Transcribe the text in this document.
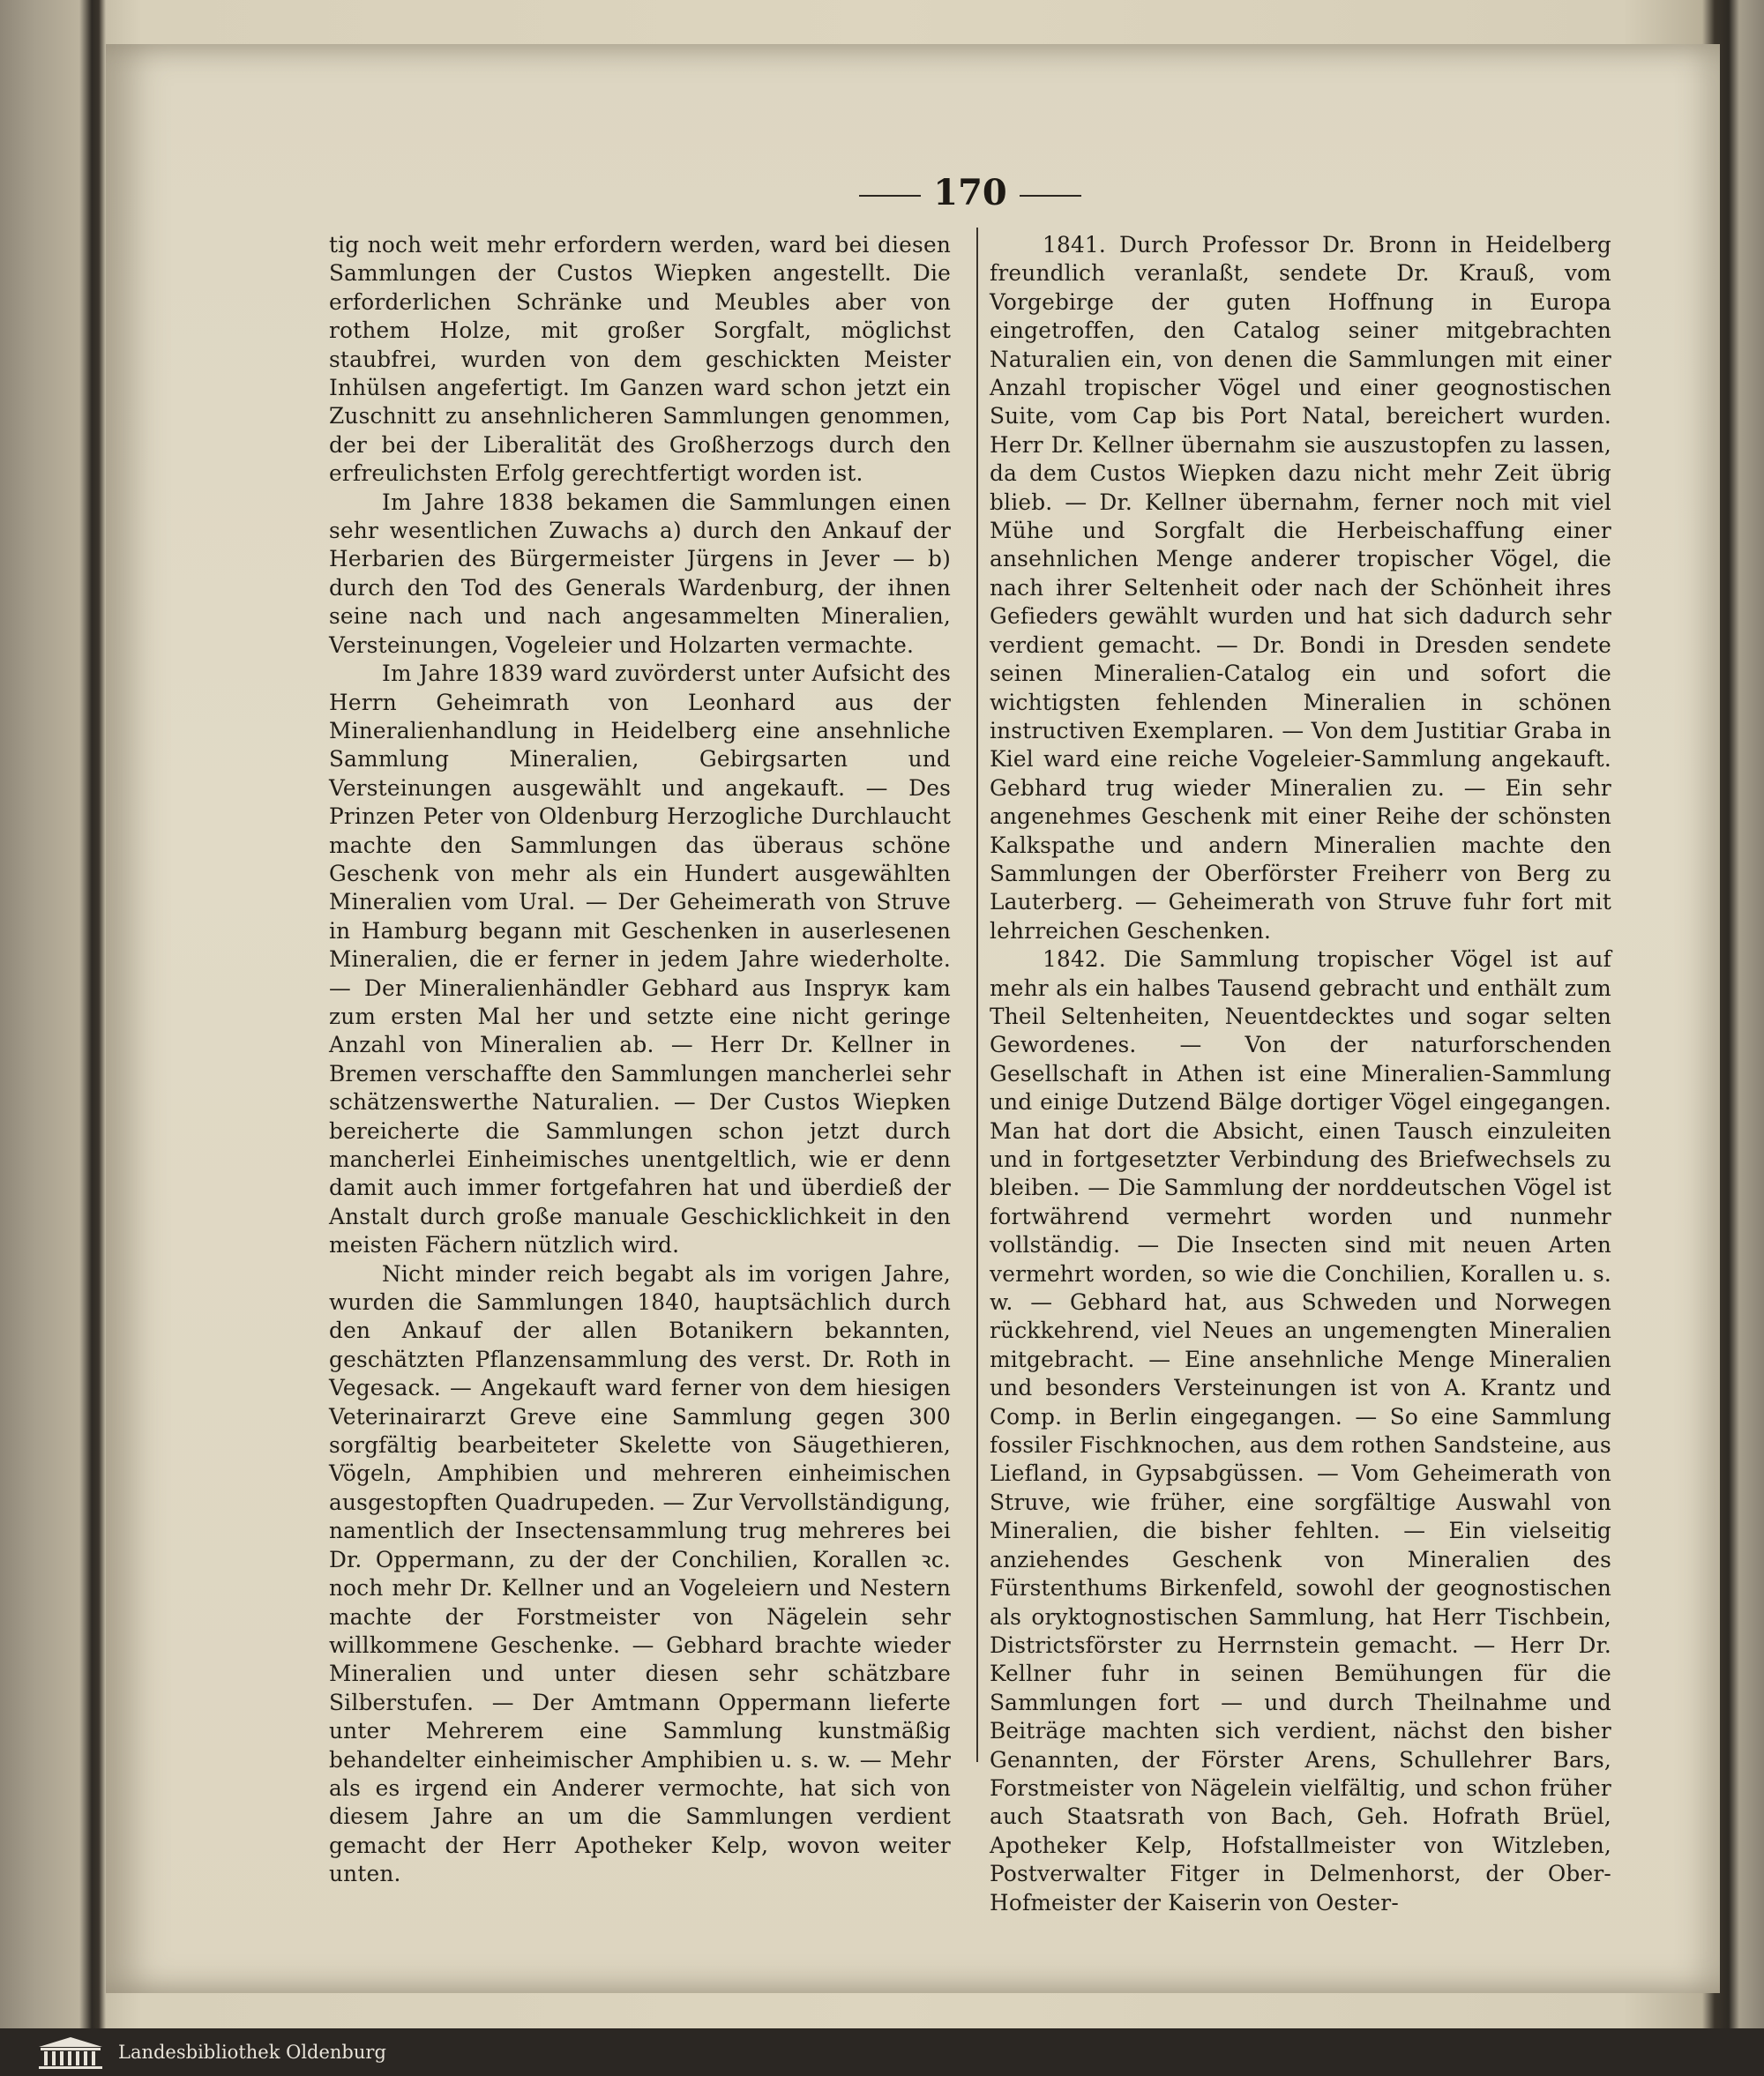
170

tig noch weit mehr erfordern werden, ward bei diesen Sammlungen der Custos Wiepken angestellt. Die erforderlichen Schränke und Meubles aber von rothem Holze, mit großer Sorgfalt, möglichst staubfrei, wurden von dem geschickten Meister Inhülsen angefertigt. Im Ganzen ward schon jetzt ein Zuschnitt zu ansehnlicheren Sammlungen genommen, der bei der Liberalität des Großherzogs durch den erfreulichsten Erfolg gerechtfertigt worden ist.

Im Jahre 1838 bekamen die Sammlungen einen sehr wesentlichen Zuwachs a) durch den Ankauf der Herbarien des Bürgermeister Jürgens in Jever — b) durch den Tod des Generals Wardenburg, der ihnen seine nach und nach angesammelten Mineralien, Versteinungen, Vogeleier und Holzarten vermachte.

Im Jahre 1839 ward zuvörderst unter Aufsicht des Herrn Geheimrath von Leonhard aus der Mineralienhandlung in Heidelberg eine ansehnliche Sammlung Mineralien, Gebirgsarten und Versteinungen ausgewählt und angekauft. — Des Prinzen Peter von Oldenburg Herzogliche Durchlaucht machte den Sammlungen das überaus schöne Geschenk von mehr als ein Hundert ausgewählten Mineralien vom Ural. — Der Geheimerath von Struve in Hamburg begann mit Geschenken in auserlesenen Mineralien, die er ferner in jedem Jahre wiederholte. — Der Mineralienhändler Gebhard aus Insprук kam zum ersten Mal her und setzte eine nicht geringe Anzahl von Mineralien ab. — Herr Dr. Kellner in Bremen verschaffte den Sammlungen mancherlei sehr schätzenswerthe Naturalien. — Der Custos Wiepken bereicherte die Sammlungen schon jetzt durch mancherlei Einheimisches unentgeltlich, wie er denn damit auch immer fortgefahren hat und überdieß der Anstalt durch große manuale Geschicklichkeit in den meisten Fächern nützlich wird.

Nicht minder reich begabt als im vorigen Jahre, wurden die Sammlungen 1840, hauptsächlich durch den Ankauf der allen Botanikern bekannten, geschätzten Pflanzensammlung des verst. Dr. Roth in Vegesack. — Angekauft ward ferner von dem hiesigen Veterinairarzt Greve eine Sammlung gegen 300 sorgfältig bearbeiteter Skelette von Säugethieren, Vögeln, Amphibien und mehreren einheimischen ausgestopften Quadrupeden. — Zur Vervollständigung, namentlich der Insectensammlung trug mehreres bei Dr. Oppermann, zu der der Conchilien, Korallen ꝛc. noch mehr Dr. Kellner und an Vogeleiern und Nestern machte der Forstmeister von Nägelein sehr willkommene Geschenke. — Gebhard brachte wieder Mineralien und unter diesen sehr schätzbare Silberstufen. — Der Amtmann Oppermann lieferte unter Mehrerem eine Sammlung kunstmäßig behandelter einheimischer Amphibien u. s. w. — Mehr als es irgend ein Anderer vermochte, hat sich von diesem Jahre an um die Sammlungen verdient gemacht der Herr Apotheker Kelp, wovon weiter unten.

1841. Durch Professor Dr. Bronn in Heidelberg freundlich veranlaßt, sendete Dr. Krauß, vom Vorgebirge der guten Hoffnung in Europa eingetroffen, den Catalog seiner mitgebrachten Naturalien ein, von denen die Sammlungen mit einer Anzahl tropischer Vögel und einer geognostischen Suite, vom Cap bis Port Natal, bereichert wurden. Herr Dr. Kellner übernahm sie auszustopfen zu lassen, da dem Custos Wiepken dazu nicht mehr Zeit übrig blieb. — Dr. Kellner übernahm, ferner noch mit viel Mühe und Sorgfalt die Herbeischaffung einer ansehnlichen Menge anderer tropischer Vögel, die nach ihrer Seltenheit oder nach der Schönheit ihres Gefieders gewählt wurden und hat sich dadurch sehr verdient gemacht. — Dr. Bondi in Dresden sendete seinen Mineralien-Catalog ein und sofort die wichtigsten fehlenden Mineralien in schönen instructiven Exemplaren. — Von dem Justitiar Graba in Kiel ward eine reiche Vogeleier-Sammlung angekauft. Gebhard trug wieder Mineralien zu. — Ein sehr angenehmes Geschenk mit einer Reihe der schönsten Kalkspathe und andern Mineralien machte den Sammlungen der Oberförster Freiherr von Berg zu Lauterberg. — Geheimerath von Struve fuhr fort mit lehrreichen Geschenken.

1842. Die Sammlung tropischer Vögel ist auf mehr als ein halbes Tausend gebracht und enthält zum Theil Seltenheiten, Neuentdecktes und sogar selten Gewordenes. — Von der naturforschenden Gesellschaft in Athen ist eine Mineralien-Sammlung und einige Dutzend Bälge dortiger Vögel eingegangen. Man hat dort die Absicht, einen Tausch einzuleiten und in fortgesetzter Verbindung des Briefwechsels zu bleiben. — Die Sammlung der norddeutschen Vögel ist fortwährend vermehrt worden und nunmehr vollständig. — Die Insecten sind mit neuen Arten vermehrt worden, so wie die Conchilien, Korallen u. s. w. — Gebhard hat, aus Schweden und Norwegen rückkehrend, viel Neues an ungemengten Mineralien mitgebracht. — Eine ansehnliche Menge Mineralien und besonders Versteinungen ist von A. Krantz und Comp. in Berlin eingegangen. — So eine Sammlung fossiler Fischknochen, aus dem rothen Sandsteine, aus Liefland, in Gypsabgüssen. — Vom Geheimerath von Struve, wie früher, eine sorgfältige Auswahl von Mineralien, die bisher fehlten. — Ein vielseitig anziehendes Geschenk von Mineralien des Fürstenthums Birkenfeld, sowohl der geognostischen als oryktognostischen Sammlung, hat Herr Tischbein, Districtsförster zu Herrnstein gemacht. — Herr Dr. Kellner fuhr in seinen Bemühungen für die Sammlungen fort — und durch Theilnahme und Beiträge machten sich verdient, nächst den bisher Genannten, der Förster Arens, Schullehrer Bars, Forstmeister von Nägelein vielfältig, und schon früher auch Staatsrath von Bach, Geh. Hofrath Brüel, Apotheker Kelp, Hofstallmeister von Witzleben, Postverwalter Fitger in Delmenhorst, der Ober-Hofmeister der Kaiserin von Oester-

Landesbibliothek Oldenburg
